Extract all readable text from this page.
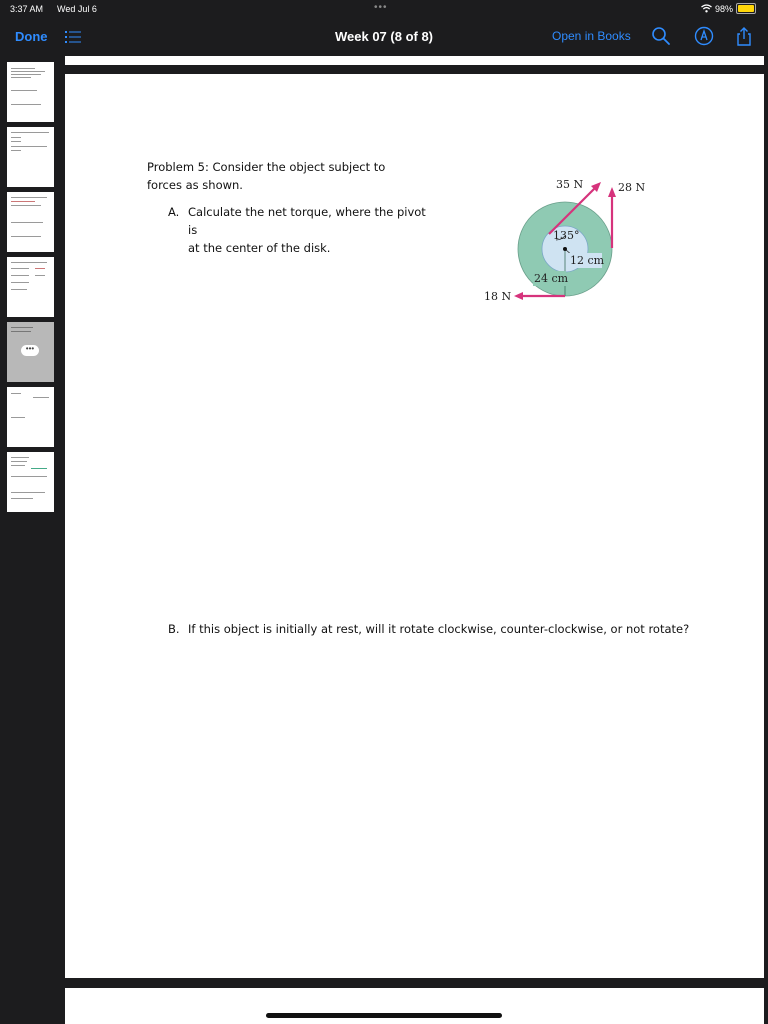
3:37 AM Wed Jul 6	•••	98%
Done	Week 07 (8 of 8)	Open in Books
•••
Problem 5: Consider the object subject to
forces as shown.
A. Calculate the net torque, where the pivot is
at the center of the disk.
35 N	28 N
18 N
135°
12 cm
24 cm
B. If this object is initially at rest, will it rotate clockwise, counter-clockwise, or not rotate?
